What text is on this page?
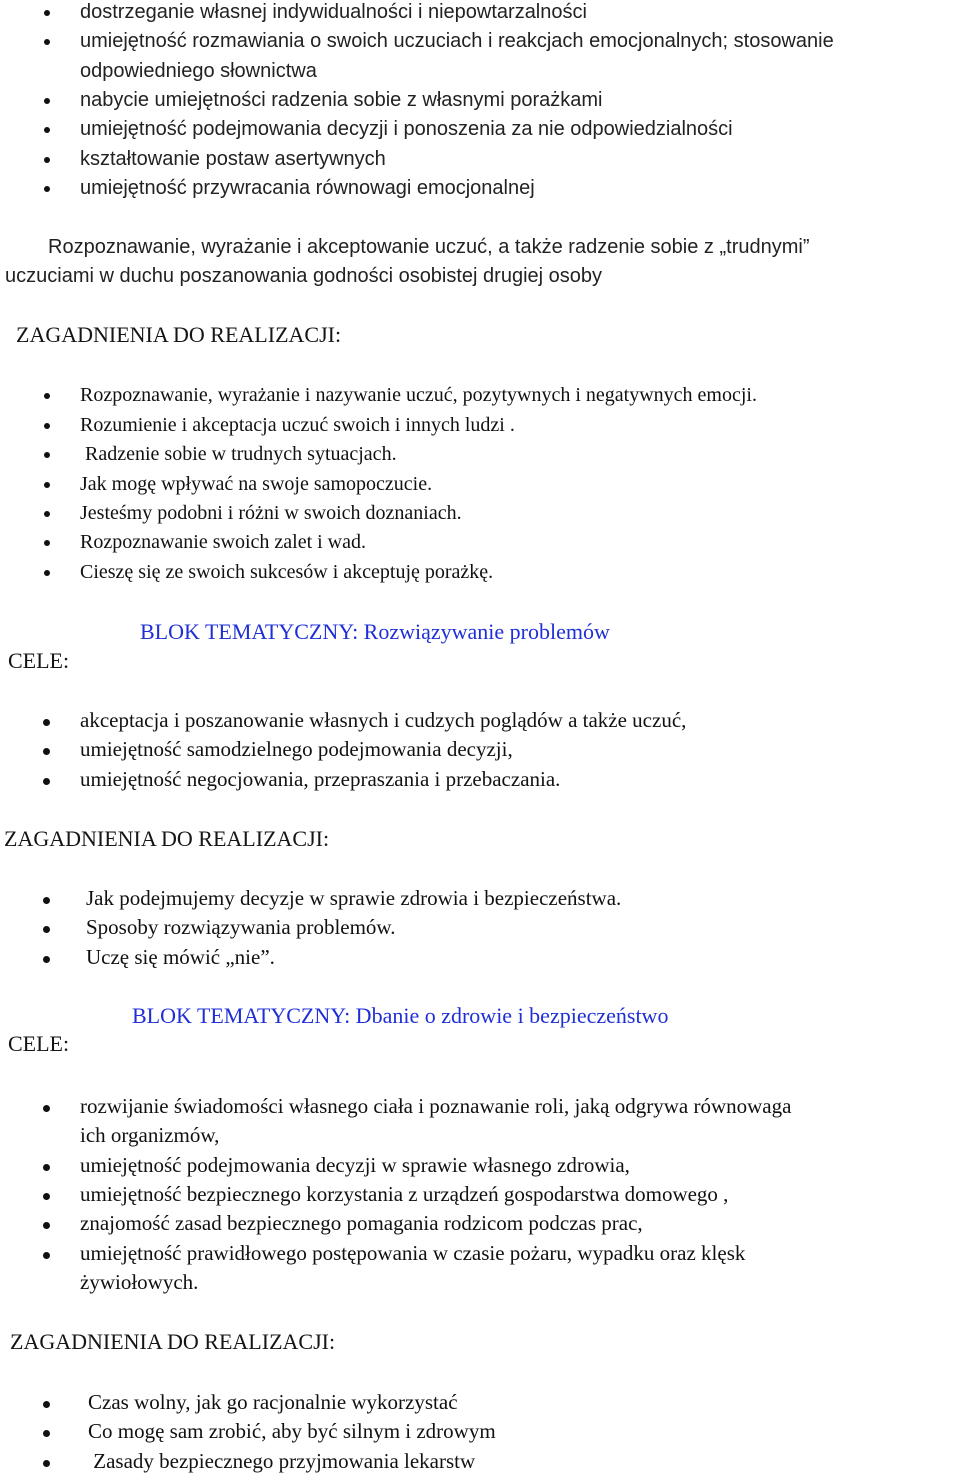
dostrzeganie własnej indywidualności i niepowtarzalności
umiejętność rozmawiania o swoich uczuciach i reakcjach emocjonalnych; stosowanie
odpowiedniego słownictwa
nabycie umiejętności radzenia sobie z własnymi porażkami
umiejętność podejmowania decyzji i ponoszenia za nie odpowiedzialności
kształtowanie postaw asertywnych
umiejętność przywracania równowagi emocjonalnej
Rozpoznawanie, wyrażanie i akceptowanie uczuć, a także radzenie sobie z „trudnymi”
uczuciami w duchu poszanowania godności osobistej drugiej osoby
ZAGADNIENIA DO REALIZACJI:
Rozpoznawanie, wyrażanie i nazywanie uczuć, pozytywnych i negatywnych emocji.
Rozumienie i akceptacja uczuć swoich i innych ludzi .
Radzenie sobie w trudnych sytuacjach.
Jak mogę wpływać na swoje samopoczucie.
Jesteśmy podobni i różni w swoich doznaniach.
Rozpoznawanie swoich zalet i wad.
Cieszę się ze swoich sukcesów i akceptuję porażkę.
BLOK TEMATYCZNY: Rozwiązywanie problemów
CELE:
akceptacja i poszanowanie własnych i cudzych poglądów a także uczuć,
umiejętność samodzielnego podejmowania decyzji,
umiejętność negocjowania, przepraszania i przebaczania.
ZAGADNIENIA DO REALIZACJI:
Jak podejmujemy decyzje w sprawie zdrowia i bezpieczeństwa.
Sposoby rozwiązywania problemów.
Uczę się mówić „nie”.
BLOK TEMATYCZNY: Dbanie o zdrowie i bezpieczeństwo
CELE:
rozwijanie świadomości własnego ciała i poznawanie roli, jaką odgrywa równowaga
ich organizmów,
umiejętność podejmowania decyzji w sprawie własnego zdrowia,
umiejętność bezpiecznego korzystania z urządzeń gospodarstwa domowego ,
znajomość zasad bezpiecznego pomagania rodzicom podczas prac,
umiejętność prawidłowego postępowania w czasie pożaru, wypadku oraz klęsk
żywiołowych.
ZAGADNIENIA DO REALIZACJI:
Czas wolny, jak go racjonalnie wykorzystać
Co mogę sam zrobić, aby być silnym i zdrowym
Zasady bezpiecznego przyjmowania lekarstw
